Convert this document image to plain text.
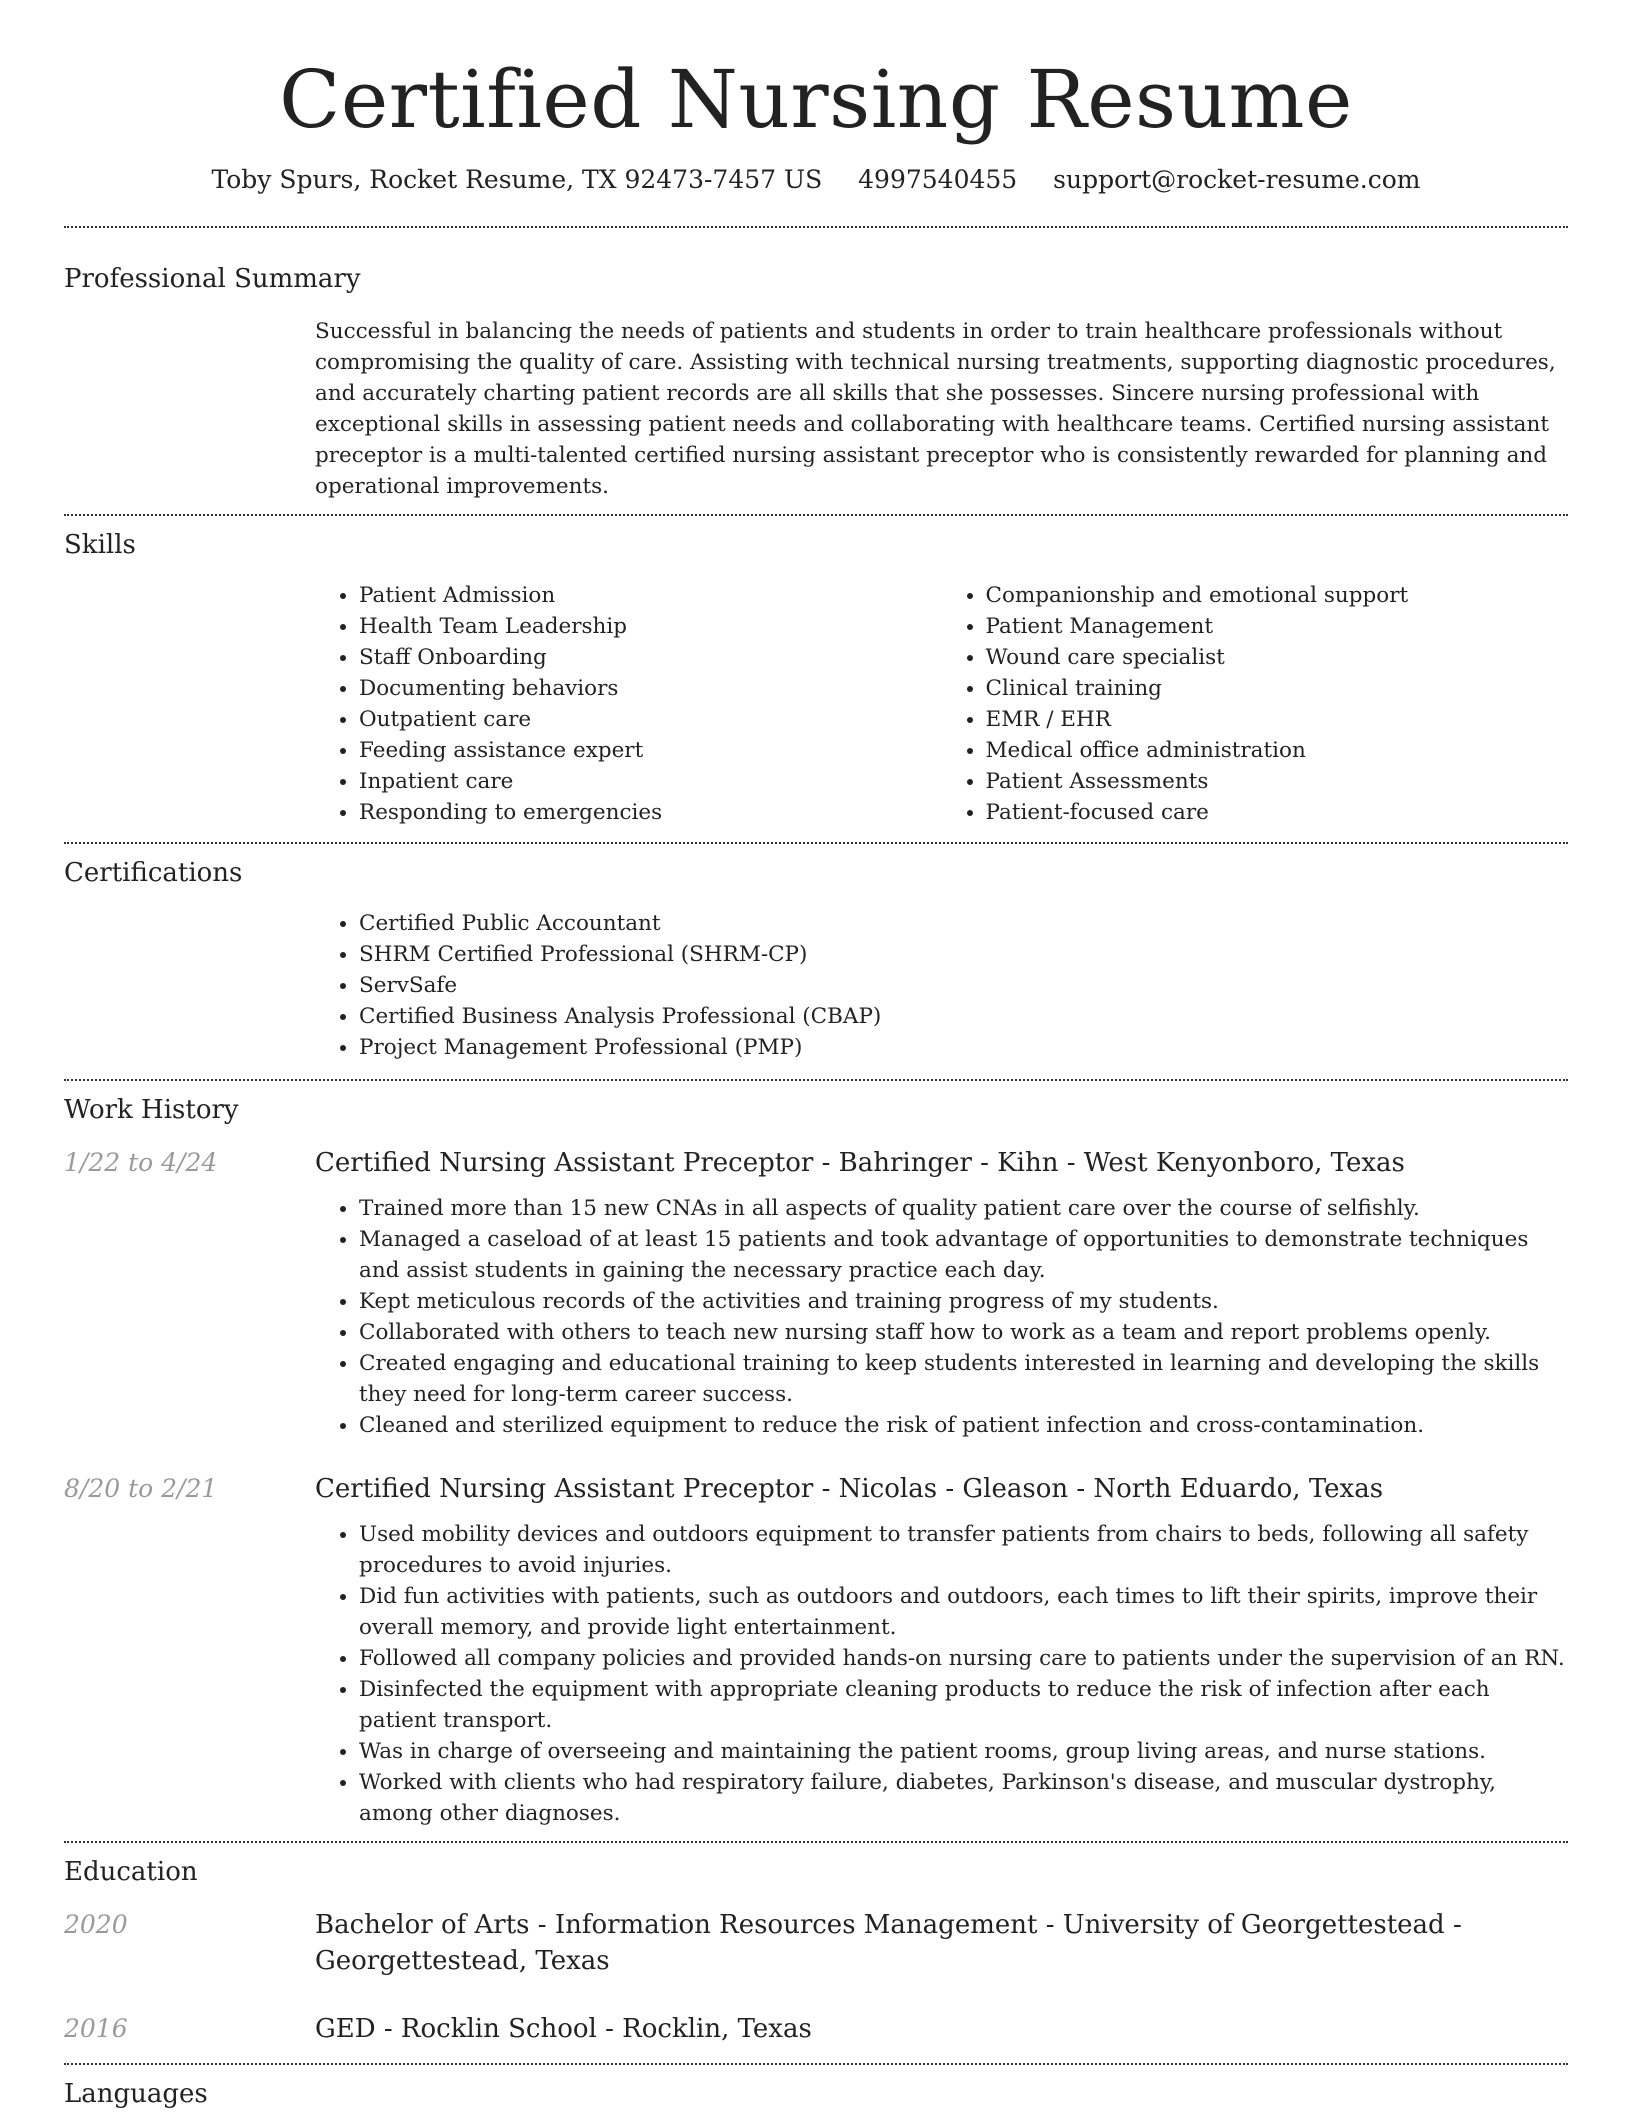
Certified Nursing Resume
Toby Spurs, Rocket Resume, TX 92473-7457 US 4997540455 support@rocket-resume.com
Professional Summary

Successful in balancing the needs of patients and students in order to train healthcare professionals without compromising the quality of care. Assisting with technical nursing treatments, supporting diagnostic procedures, and accurately charting patient records are all skills that she possesses. Sincere nursing professional with exceptional skills in assessing patient needs and collaborating with healthcare teams. Certified nursing assistant preceptor is a multi-talented certified nursing assistant preceptor who is consistently rewarded for planning and operational improvements.

Skills
• Patient Admission
• Health Team Leadership
• Staff Onboarding
• Documenting behaviors
• Outpatient care
• Feeding assistance expert
• Inpatient care
• Responding to emergencies
• Companionship and emotional support
• Patient Management
• Wound care specialist
• Clinical training
• EMR / EHR
• Medical office administration
• Patient Assessments
• Patient-focused care
Certifications
• Certified Public Accountant
• SHRM Certified Professional (SHRM-CP)
• ServSafe
• Certified Business Analysis Professional (CBAP)
• Project Management Professional (PMP)
Work History
1/22 to 4/24	Certified Nursing Assistant Preceptor - Bahringer - Kihn - West Kenyonboro, Texas

• Trained more than 15 new CNAs in all aspects of quality patient care over the course of selfishly.
• Managed a caseload of at least 15 patients and took advantage of opportunities to demonstrate techniques and assist students in gaining the necessary practice each day.
• Kept meticulous records of the activities and training progress of my students.
• Collaborated with others to teach new nursing staff how to work as a team and report problems openly.
• Created engaging and educational training to keep students interested in learning and developing the skills they need for long-term career success.
• Cleaned and sterilized equipment to reduce the risk of patient infection and cross-contamination.
8/20 to 2/21	Certified Nursing Assistant Preceptor - Nicolas - Gleason - North Eduardo, Texas

• Used mobility devices and outdoors equipment to transfer patients from chairs to beds, following all safety procedures to avoid injuries.
• Did fun activities with patients, such as outdoors and outdoors, each times to lift their spirits, improve their overall memory, and provide light entertainment.
• Followed all company policies and provided hands-on nursing care to patients under the supervision of an RN.
• Disinfected the equipment with appropriate cleaning products to reduce the risk of infection after each patient transport.
• Was in charge of overseeing and maintaining the patient rooms, group living areas, and nurse stations.
• Worked with clients who had respiratory failure, diabetes, Parkinson's disease, and muscular dystrophy, among other diagnoses.
Education
2020	Bachelor of Arts - Information Resources Management - University of Georgettestead - Georgettestead, Texas

2016	GED - Rocklin School - Rocklin, Texas

Languages
